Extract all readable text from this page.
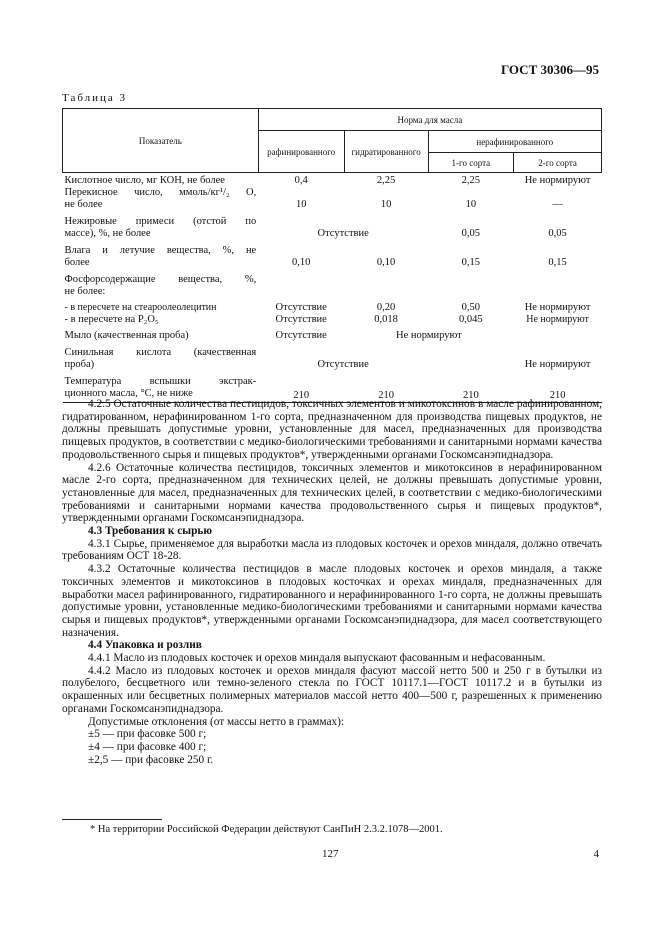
ГОСТ 30306—95
Таблица 3
Показатель	Норма для масла			
	рафинированного	гидратированного	нерафинированного	
			1-го сорта	2-го сорта
Кислотное число, мг КОН, не более	0,4	2,25	2,25	Не нормируют
Перекисное число, ммоль/кг¹/₂ О,				
не более	10	10	10	—
Нежировые примеси (отстой по				
массе), %, не более	Отсутствие		0,05	0,05
Влага и летучие вещества, %, не				
более	0,10	0,10	0,15	0,15
Фосфорсодержащие вещества, %,				
не более:				
- в пересчете на стеароолеолецитин	Отсутствие	0,20	0,50	Не нормируют
- в пересчете на P₂O₅	Отсутствие	0,018	0,045	Не нормируют
Мыло (качественная проба)	Отсутствие	Не нормируют		
Синильная кислота (качественная				
проба)	Отсутствие			Не нормируют
Температура вспышки экстрак-				
ционного масла, °С, не ниже	210	210	210	210

4.2.5 Остаточные количества пестицидов, токсичных элементов и микотоксинов в масле рафинированном, гидратированном, нерафинированном 1-го сорта, предназначенном для производства пищевых продуктов, не должны превышать допустимые уровни, установленные для масел, предназначенных для производства пищевых продуктов, в соответствии с медико-биологическими требованиями и санитарными нормами качества продовольственного сырья и пищевых продуктов*, утвержденными органами Госкомсанэпиднадзора.

4.2.6 Остаточные количества пестицидов, токсичных элементов и микотоксинов в нерафинированном масле 2-го сорта, предназначенном для технических целей, не должны превышать допустимые уровни, установленные для масел, предназначенных для технических целей, в соответствии с медико-биологическими требованиями и санитарными нормами качества продовольственного сырья и пищевых продуктов*, утвержденными органами Госкомсанэпиднадзора.

4.3 Требования к сырью

4.3.1 Сырье, применяемое для выработки масла из плодовых косточек и орехов миндаля, должно отвечать требованиям ОСТ 18-28.

4.3.2 Остаточные количества пестицидов в масле плодовых косточек и орехов миндаля, а также токсичных элементов и микотоксинов в плодовых косточках и орехах миндаля, предназначенных для выработки масел рафинированного, гидратированного и нерафинированного 1-го сорта, не должны превышать допустимые уровни, установленные медико-биологическими требованиями и санитарными нормами качества сырья и пищевых продуктов*, утвержденными органами Госкомсанэпиднадзора, для масел соответствующего назначения.

4.4 Упаковка и розлив

4.4.1 Масло из плодовых косточек и орехов миндаля выпускают фасованным и нефасованным.

4.4.2 Масло из плодовых косточек и орехов миндаля фасуют массой нетто 500 и 250 г в бутылки из полубелого, бесцветного или темно-зеленого стекла по ГОСТ 10117.1—ГОСТ 10117.2 и в бутылки из окрашенных или бесцветных полимерных материалов массой нетто 400—500 г, разрешенных к применению органами Госкомсанэпиднадзора.

Допустимые отклонения (от массы нетто в граммах):

±5 — при фасовке 500 г;

±4 — при фасовке 400 г;

±2,5 — при фасовке 250 г.

* На территории Российской Федерации действуют СанПиН 2.3.2.1078—2001.
127	4
